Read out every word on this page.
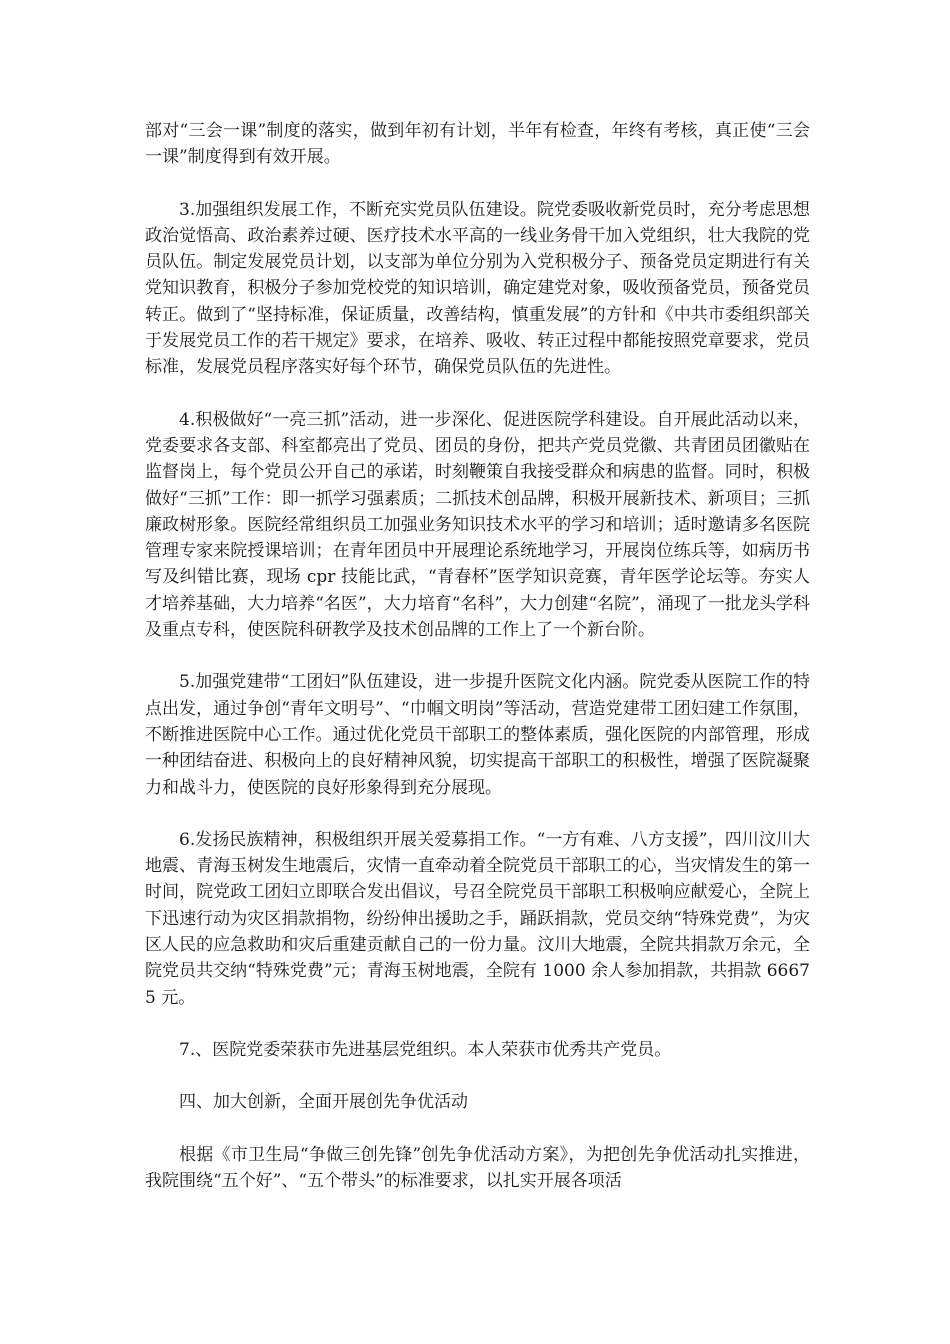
部对“三会一课”制度的落实，做到年初有计划，半年有检查，年终有考核，真正使“三会一课”制度得到有效开展。

3.加强组织发展工作，不断充实党员队伍建设。院党委吸收新党员时，充分考虑思想政治觉悟高、政治素养过硬、医疗技术水平高的一线业务骨干加入党组织，壮大我院的党员队伍。制定发展党员计划，以支部为单位分别为入党积极分子、预备党员定期进行有关党知识教育，积极分子参加党校党的知识培训，确定建党对象，吸收预备党员，预备党员转正。做到了“坚持标准，保证质量，改善结构，慎重发展”的方针和《中共市委组织部关于发展党员工作的若干规定》要求，在培养、吸收、转正过程中都能按照党章要求，党员标准，发展党员程序落实好每个环节，确保党员队伍的先进性。

4.积极做好“一亮三抓”活动，进一步深化、促进医院学科建设。自开展此活动以来，党委要求各支部、科室都亮出了党员、团员的身份，把共产党员党徽、共青团员团徽贴在监督岗上，每个党员公开自己的承诺，时刻鞭策自我接受群众和病患的监督。同时，积极做好“三抓”工作：即一抓学习强素质；二抓技术创品牌，积极开展新技术、新项目；三抓廉政树形象。医院经常组织员工加强业务知识技术水平的学习和培训；适时邀请多名医院管理专家来院授课培训；在青年团员中开展理论系统地学习，开展岗位练兵等，如病历书写及纠错比赛，现场 cpr 技能比武，“青春杯”医学知识竞赛，青年医学论坛等。夯实人才培养基础，大力培养“名医”，大力培育“名科”，大力创建“名院”，涌现了一批龙头学科及重点专科，使医院科研教学及技术创品牌的工作上了一个新台阶。

5.加强党建带“工团妇”队伍建设，进一步提升医院文化内涵。院党委从医院工作的特点出发，通过争创“青年文明号”、“巾帼文明岗”等活动，营造党建带工团妇建工作氛围，不断推进医院中心工作。通过优化党员干部职工的整体素质，强化医院的内部管理，形成一种团结奋进、积极向上的良好精神风貌，切实提高干部职工的积极性，增强了医院凝聚力和战斗力，使医院的良好形象得到充分展现。

6.发扬民族精神，积极组织开展关爱募捐工作。“一方有难、八方支援”，四川汶川大地震、青海玉树发生地震后，灾情一直牵动着全院党员干部职工的心，当灾情发生的第一时间，院党政工团妇立即联合发出倡议，号召全院党员干部职工积极响应献爱心，全院上下迅速行动为灾区捐款捐物，纷纷伸出援助之手，踊跃捐款，党员交纳“特殊党费”，为灾区人民的应急救助和灾后重建贡献自己的一份力量。汶川大地震，全院共捐款万余元，全院党员共交纳“特殊党费”元；青海玉树地震，全院有 1000 余人参加捐款，共捐款 66675 元。

7.、医院党委荣获市先进基层党组织。本人荣获市优秀共产党员。

四、加大创新，全面开展创先争优活动

根据《市卫生局“争做三创先锋”创先争优活动方案》，为把创先争优活动扎实推进，我院围绕“五个好”、“五个带头”的标准要求，以扎实开展各项活
